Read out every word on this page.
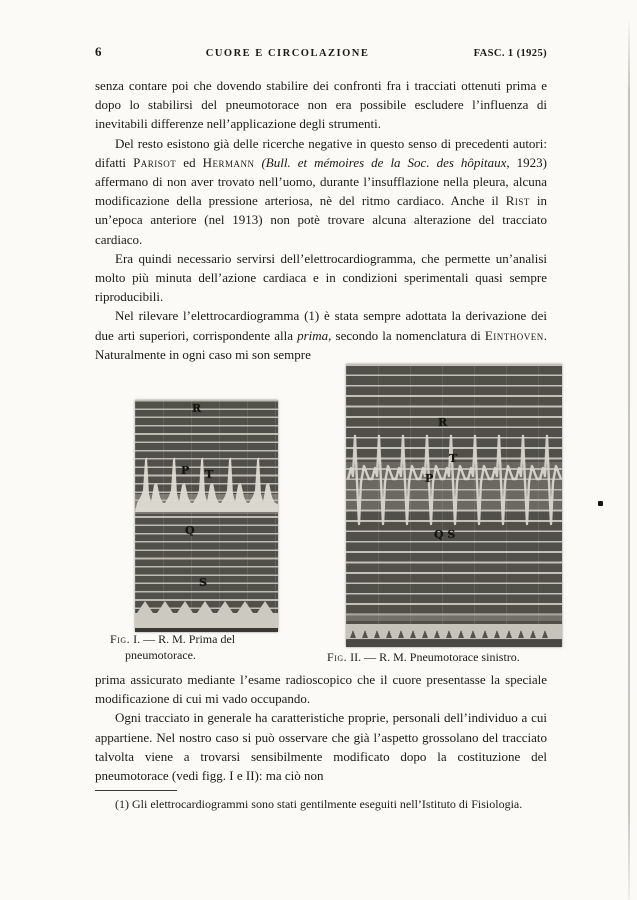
6	CUORE E CIRCOLAZIONE	FASC. 1 (1925)

senza contare poi che dovendo stabilire dei confronti fra i tracciati ottenuti prima e dopo lo stabilirsi del pneumotorace non era possibile escludere l’influenza di inevitabili differenze nell’applicazione degli strumenti.

Del resto esistono già delle ricerche negative in questo senso di precedenti autori: difatti Parisot ed Hermann (Bull. et mémoires de la Soc. des hôpitaux, 1923) affermano di non aver trovato nell’uomo, durante l’insufflazione nella pleura, alcuna modificazione della pressione arteriosa, nè del ritmo cardiaco. Anche il Rist in un’epoca anteriore (nel 1913) non potè trovare alcuna alterazione del tracciato cardiaco.

Era quindi necessario servirsi dell’elettrocardiogramma, che permette un’analisi molto più minuta dell’azione cardiaca e in condizioni sperimentali quasi sempre riproducibili.

Nel rilevare l’elettrocardiogramma (1) è stata sempre adottata la derivazione dei due arti superiori, corrispondente alla prima, secondo la nomenclatura di Einthoven. Naturalmente in ogni caso mi son sempre

R
T
P
Q S
Fig. II. — R. M. Pneumotorace sinistro.
R
P T
Q
S
Fig. I. — R. M. Prima del
pneumotorace.

prima assicurato mediante l’esame radioscopico che il cuore presentasse la speciale modificazione di cui mi vado occupando.

Ogni tracciato in generale ha caratteristiche proprie, personali dell’individuo a cui appartiene. Nel nostro caso si può osservare che già l’aspetto grossolano del tracciato talvolta viene a trovarsi sensibilmente modificato dopo la costituzione del pneumotorace (vedi figg. I e II): ma ciò non

(1) Gli elettrocardiogrammi sono stati gentilmente eseguiti nell’Istituto di Fisiologia.
